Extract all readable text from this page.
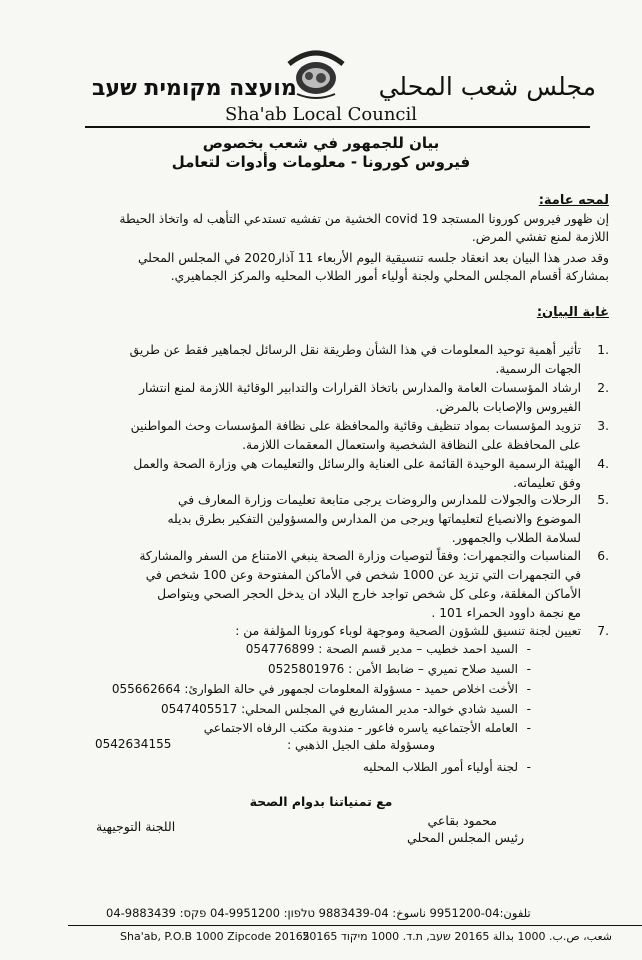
مجلس شعب المحلي
מועצה מקומית שעב
Sha'ab Local Council
بيان للجمهور في شعب بخصوص
فيروس كورونا - معلومات وأدوات لتعامل
لمحه عامة:
إن ظهور فيروس كورونا المستجد covid 19 الخشية من تفشيه تستدعي التأهب له واتخاذ الحيطة
اللازمة لمنع تفشي المرض.
وقد صدر هذا البيان بعد انعقاد جلسه تنسيقية اليوم الأربعاء 11 آذار2020 في المجلس المحلي
بمشاركة أقسام المجلس المحلي ولجنة أولياء أمور الطلاب المحليه والمركز الجماهيري.
غاية البيان:
1.
تأثير أهمية توحيد المعلومات في هذا الشأن وطريقة نقل الرسائل لجماهير فقط عن طريق
الجهات الرسمية.
2.
ارشاد المؤسسات العامة والمدارس باتخاذ القرارات والتدابير الوقائية اللازمة لمنع انتشار
الفيروس والإصابات بالمرض.
3.
تزويد المؤسسات بمواد تنظيف وقائية والمحافظة على نظافة المؤسسات وحث المواطنين
على المحافظة على النظافة الشخصية واستعمال المعقمات اللازمة.
4.
الهيئة الرسمية الوحيدة القائمة على العناية والرسائل والتعليمات هي وزارة الصحة والعمل
وفق تعليماته.
5.
الرحلات والجولات للمدارس والروضات يرجى متابعة تعليمات وزارة المعارف في
الموضوع والانصياع لتعليماتها ويرجى من المدارس والمسؤولين التفكير بطرق بديله
لسلامة الطلاب والجمهور.
6.
المناسبات والتجمهرات: وفقاً لتوصيات وزارة الصحة ينبغي الامتناع من السفر والمشاركة
في التجمهرات التي تزيد عن 1000 شخص في الأماكن المفتوحة وعن 100 شخص في
الأماكن المغلقة، وعلى كل شخص تواجد خارج البلاد ان يدخل الحجر الصحي ويتواصل
مع نجمة داوود الحمراء 101 .
7.
تعيين لجنة تنسيق للشؤون الصحية وموجهة لوباء كورونا المؤلفة من :
-
السيد احمد خطيب – مدير قسم الصحة : 054776899
-
السيد صلاح نميري – ضابط الأمن : 0525801976
-
الأخت اخلاص حميد - مسؤولة المعلومات لجمهور في حالة الطوارئ: 055662664
-
السيد شادي خوالد- مدير المشاريع في المجلس المحلي: 0547405517
-
العامله الأجتماعيه ياسره فاعور - مندوبة مكتب الرفاه الاجتماعي
ومسؤولة ملف الجيل الذهبي :
0542634155
-
لجنة أولياء أمور الطلاب المحليه
مع تمنياتنا بدوام الصحة
محمود بقاعي
رئيس المجلس المحلي
اللجنة التوجيهية
تلفون:04-9951200 ناسوخ: 04-9883439 טלפון: 04-9951200 פקס: 04-9883439
Sha'ab, P.O.B 1000 Zipcode 20165
شعب، ص.ب. 1000 بدالة 20165 שעב, ת.ד. 1000 מיקוד 20165
